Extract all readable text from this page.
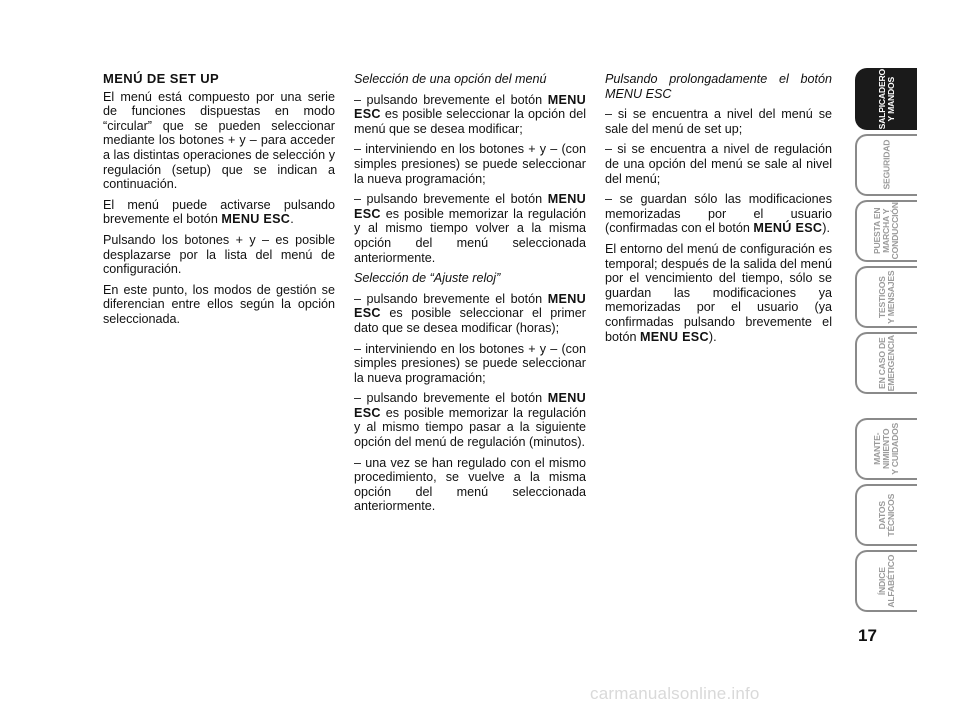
MENÚ DE SET UP

El menú está compuesto por una serie de funciones dispuestas en modo “circular” que se pueden seleccionar mediante los botones + y – para acceder a las distintas operaciones de selección y regulación (setup) que se indican a continuación.

El menú puede activarse pulsando brevemente el botón MENU ESC.

Pulsando los botones + y – es posible desplazarse por la lista del menú de configuración.

En este punto, los modos de gestión se diferencian entre ellos según la opción seleccionada.

Selección de una opción del menú

– pulsando brevemente el botón MENU ESC es posible seleccionar la opción del menú que se desea modificar;

– interviniendo en los botones + y – (con simples presiones) se puede seleccionar la nueva programación;

– pulsando brevemente el botón MENU ESC es posible memorizar la regulación y al mismo tiempo volver a la misma opción del menú seleccionada anteriormente.

Selección de “Ajuste reloj”

– pulsando brevemente el botón MENU ESC es posible seleccionar el primer dato que se desea modificar (horas);

– interviniendo en los botones + y – (con simples presiones) se puede seleccionar la nueva programación;

– pulsando brevemente el botón MENU ESC es posible memorizar la regulación y al mismo tiempo pasar a la siguiente opción del menú de regulación (minutos).

– una vez se han regulado con el mismo procedimiento, se vuelve a la misma opción del menú seleccionada anteriormente.

Pulsando prolongadamente el botón MENU ESC

– si se encuentra a nivel del menú se sale del menú de set up;

– si se encuentra a nivel de regulación de una opción del menú se sale al nivel del menú;

– se guardan sólo las modificaciones memorizadas por el usuario (confirmadas con el botón MENÚ ESC).

El entorno del menú de configuración es temporal; después de la salida del menú por el vencimiento del tiempo, sólo se guardan las modificaciones ya memorizadas por el usuario (ya confirmadas pulsando brevemente el botón MENU ESC).

SALPICADERO
Y MANDOS
SEGURIDAD
PUESTA EN
MARCHA Y
CONDUCCIÓN
TESTIGOS
Y MENSAJES
EN CASO DE
EMERGENCIA
MANTE-
NIMIENTO
Y CUIDADOS
DATOS
TÉCNICOS
ÍNDICE
ALFABÉTICO
17
carmanualsonline.info
